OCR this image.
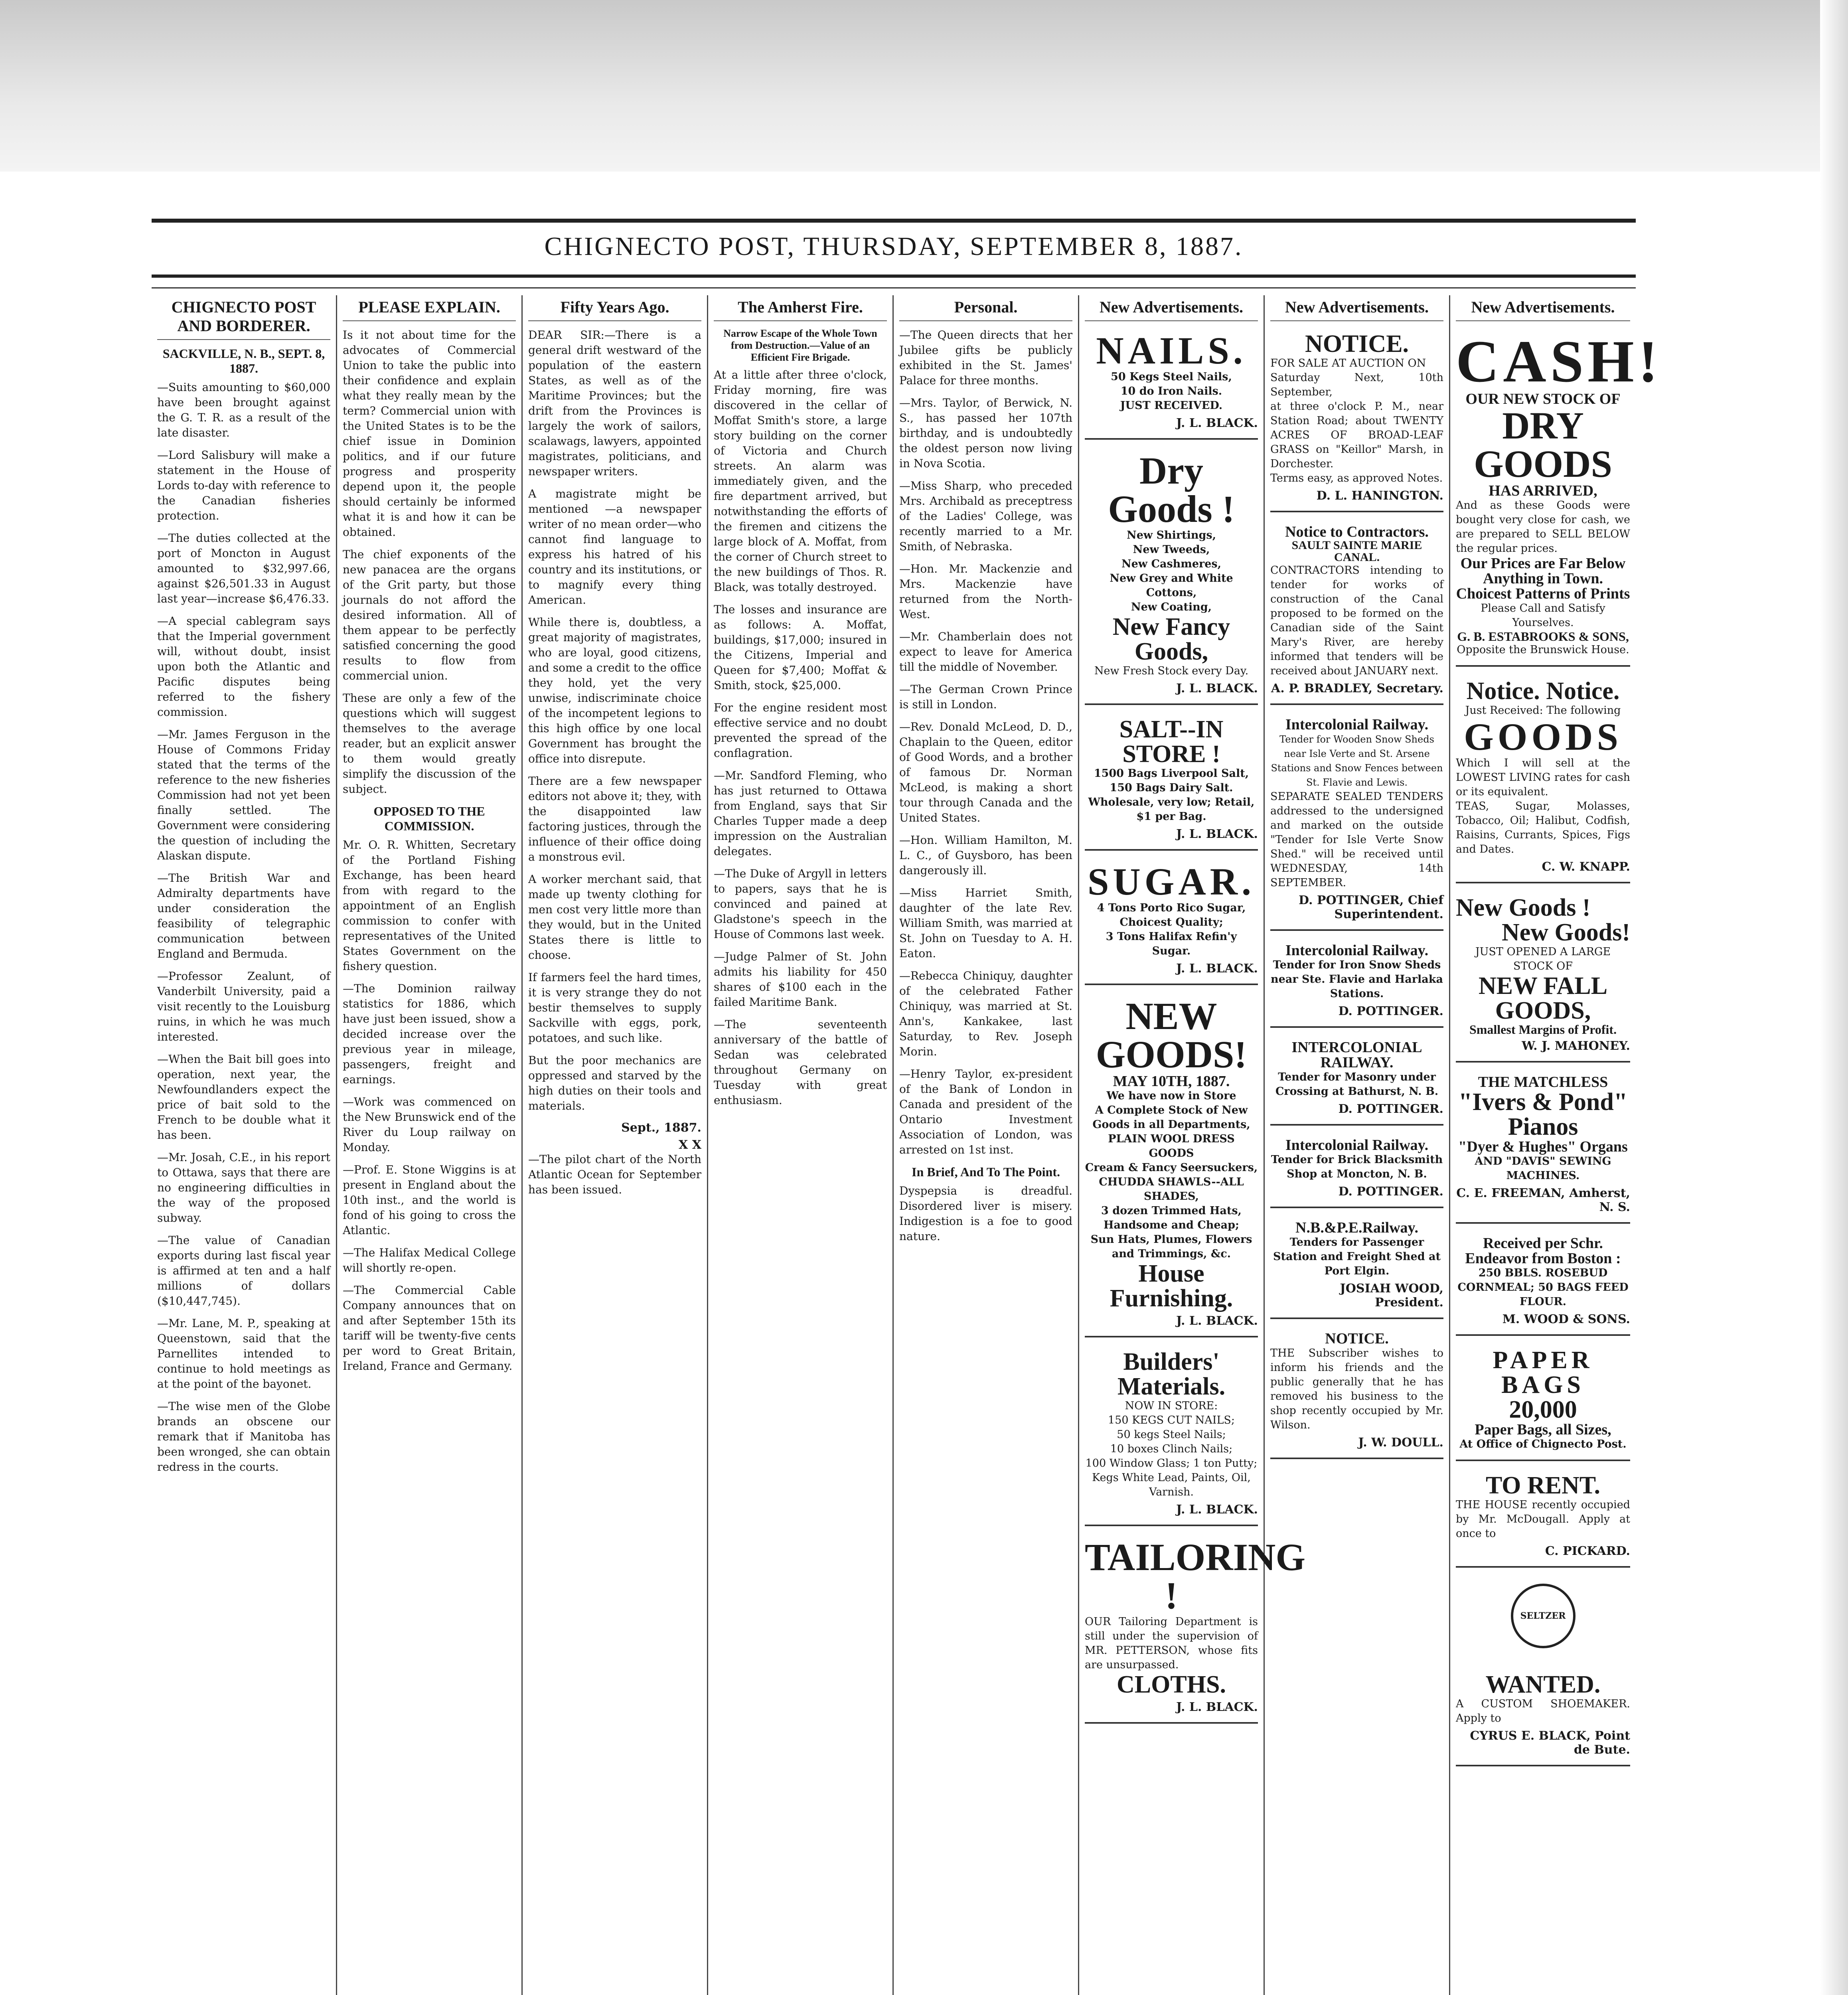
CHIGNECTO POST, THURSDAY, SEPTEMBER 8, 1887.
CHIGNECTO POST AND BORDERER.
SACKVILLE, N. B., SEPT. 8, 1887.

—Suits amounting to $60,000 have been brought against the G. T. R. as a result of the late disaster.

—Lord Salisbury will make a statement in the House of Lords to-day with reference to the Canadian fisheries protection.

—The duties collected at the port of Moncton in August amounted to $32,997.66, against $26,501.33 in August last year—increase $6,476.33.

—A special cablegram says that the Imperial government will, without doubt, insist upon both the Atlantic and Pacific disputes being referred to the fishery commission.

—Mr. James Ferguson in the House of Commons Friday stated that the terms of the reference to the new fisheries Commission had not yet been finally settled. The Government were considering the question of including the Alaskan dispute.

—The British War and Admiralty departments have under consideration the feasibility of telegraphic communication between England and Bermuda.

—Professor Zealunt, of Vanderbilt University, paid a visit recently to the Louisburg ruins, in which he was much interested.

—When the Bait bill goes into operation, next year, the Newfoundlanders expect the price of bait sold to the French to be double what it has been.

—Mr. Josah, C.E., in his report to Ottawa, says that there are no engineering difficulties in the way of the proposed subway.

—The value of Canadian exports during last fiscal year is affirmed at ten and a half millions of dollars ($10,447,745).

—Mr. Lane, M. P., speaking at Queenstown, said that the Parnellites intended to continue to hold meetings as at the point of the bayonet.

—The wise men of the Globe brands an obscene our remark that if Manitoba has been wronged, she can obtain redress in the courts.

PLEASE EXPLAIN.

Is it not about time for the advocates of Commercial Union to take the public into their confidence and explain what they really mean by the term? Commercial union with the United States is to be the chief issue in Dominion politics, and if our future progress and prosperity depend upon it, the people should certainly be informed what it is and how it can be obtained.

The chief exponents of the new panacea are the organs of the Grit party, but those journals do not afford the desired information. All of them appear to be perfectly satisfied concerning the good results to flow from commercial union.

These are only a few of the questions which will suggest themselves to the average reader, but an explicit answer to them would greatly simplify the discussion of the subject.

OPPOSED TO THE COMMISSION.

Mr. O. R. Whitten, Secretary of the Portland Fishing Exchange, has been heard from with regard to the appointment of an English commission to confer with representatives of the United States Government on the fishery question.

—The Dominion railway statistics for 1886, which have just been issued, show a decided increase over the previous year in mileage, passengers, freight and earnings.

—Work was commenced on the New Brunswick end of the River du Loup railway on Monday.

—Prof. E. Stone Wiggins is at present in England about the 10th inst., and the world is fond of his going to cross the Atlantic.

—The Halifax Medical College will shortly re-open.

—The Commercial Cable Company announces that on and after September 15th its tariff will be twenty-five cents per word to Great Britain, Ireland, France and Germany.

Fifty Years Ago.

DEAR SIR:—There is a general drift westward of the population of the eastern States, as well as of the Maritime Provinces; but the drift from the Provinces is largely the work of sailors, scalawags, lawyers, appointed magistrates, politicians, and newspaper writers.

A magistrate might be mentioned —a newspaper writer of no mean order—who cannot find language to express his hatred of his country and its institutions, or to magnify every thing American.

While there is, doubtless, a great majority of magistrates, who are loyal, good citizens, and some a credit to the office they hold, yet the very unwise, indiscriminate choice of the incompetent legions to this high office by one local Government has brought the office into disrepute.

There are a few newspaper editors not above it; they, with the disappointed law factoring justices, through the influence of their office doing a monstrous evil.

A worker merchant said, that made up twenty clothing for men cost very little more than they would, but in the United States there is little to choose.

If farmers feel the hard times, it is very strange they do not bestir themselves to supply Sackville with eggs, pork, potatoes, and such like.

But the poor mechanics are oppressed and starved by the high duties on their tools and materials.

Sept., 1887.
X X

—The pilot chart of the North Atlantic Ocean for September has been issued.

The Amherst Fire.
Narrow Escape of the Whole Town from Destruction.—Value of an Efficient Fire Brigade.

At a little after three o'clock, Friday morning, fire was discovered in the cellar of Moffat Smith's store, a large story building on the corner of Victoria and Church streets. An alarm was immediately given, and the fire department arrived, but notwithstanding the efforts of the firemen and citizens the large block of A. Moffat, from the corner of Church street to the new buildings of Thos. R. Black, was totally destroyed.

The losses and insurance are as follows: A. Moffat, buildings, $17,000; insured in the Citizens, Imperial and Queen for $7,400; Moffat & Smith, stock, $25,000.

For the engine resident most effective service and no doubt prevented the spread of the conflagration.

—Mr. Sandford Fleming, who has just returned to Ottawa from England, says that Sir Charles Tupper made a deep impression on the Australian delegates.

—The Duke of Argyll in letters to papers, says that he is convinced and pained at Gladstone's speech in the House of Commons last week.

—Judge Palmer of St. John admits his liability for 450 shares of $100 each in the failed Maritime Bank.

—The seventeenth anniversary of the battle of Sedan was celebrated throughout Germany on Tuesday with great enthusiasm.

Personal.

—The Queen directs that her Jubilee gifts be publicly exhibited in the St. James' Palace for three months.

—Mrs. Taylor, of Berwick, N. S., has passed her 107th birthday, and is undoubtedly the oldest person now living in Nova Scotia.

—Miss Sharp, who preceded Mrs. Archibald as preceptress of the Ladies' College, was recently married to a Mr. Smith, of Nebraska.

—Hon. Mr. Mackenzie and Mrs. Mackenzie have returned from the North-West.

—Mr. Chamberlain does not expect to leave for America till the middle of November.

—The German Crown Prince is still in London.

—Rev. Donald McLeod, D. D., Chaplain to the Queen, editor of Good Words, and a brother of famous Dr. Norman McLeod, is making a short tour through Canada and the United States.

—Hon. William Hamilton, M. L. C., of Guysboro, has been dangerously ill.

—Miss Harriet Smith, daughter of the late Rev. William Smith, was married at St. John on Tuesday to A. H. Eaton.

—Rebecca Chiniquy, daughter of the celebrated Father Chiniquy, was married at St. Ann's, Kankakee, last Saturday, to Rev. Joseph Morin.

—Henry Taylor, ex-president of the Bank of London in Canada and president of the Ontario Investment Association of London, was arrested on 1st inst.

In Brief, And To The Point.

Dyspepsia is dreadful. Disordered liver is misery. Indigestion is a foe to good nature.

New Advertisements.
NAILS.
50 Kegs Steel Nails,
10 do Iron Nails.
JUST RECEIVED.
J. L. BLACK.
Dry Goods !
New Shirtings,
New Tweeds,
New Cashmeres,
New Grey and White Cottons,
New Coating,
New Fancy Goods,
New Fresh Stock every Day.
J. L. BLACK.
SALT--IN STORE !
1500 Bags Liverpool Salt,
150 Bags Dairy Salt.
Wholesale, very low; Retail, $1 per Bag.
J. L. BLACK.
SUGAR.
4 Tons Porto Rico Sugar,
Choicest Quality;
3 Tons Halifax Refin'y Sugar.
J. L. BLACK.
NEW GOODS!
MAY 10TH, 1887.
We have now in Store
A Complete Stock of New Goods in all Departments,
PLAIN WOOL DRESS GOODS
Cream & Fancy Seersuckers,
CHUDDA SHAWLS--ALL SHADES,
3 dozen Trimmed Hats,
Handsome and Cheap;
Sun Hats, Plumes, Flowers and Trimmings, &c.
House Furnishing.
J. L. BLACK.
Builders' Materials.
NOW IN STORE:
150 KEGS CUT NAILS;
50 kegs Steel Nails;
10 boxes Clinch Nails;
100 Window Glass; 1 ton Putty;
Kegs White Lead, Paints, Oil, Varnish.
J. L. BLACK.
TAILORING !
OUR Tailoring Department is still under the supervision of MR. PETTERSON, whose fits are unsurpassed.
CLOTHS.
J. L. BLACK.
New Advertisements.
NOTICE.
FOR SALE AT AUCTION ON
Saturday Next, 10th September,
at three o'clock P. M., near Station Road; about TWENTY ACRES OF BROAD-LEAF GRASS on "Keillor" Marsh, in Dorchester.
Terms easy, as approved Notes.
D. L. HANINGTON.
Notice to Contractors.
SAULT SAINTE MARIE CANAL.
CONTRACTORS intending to tender for works of construction of the Canal proposed to be formed on the Canadian side of the Saint Mary's River, are hereby informed that tenders will be received about JANUARY next.
A. P. BRADLEY, Secretary.
Intercolonial Railway.
Tender for Wooden Snow Sheds near Isle Verte and St. Arsene Stations and Snow Fences between St. Flavie and Lewis.
SEPARATE SEALED TENDERS addressed to the undersigned and marked on the outside "Tender for Isle Verte Snow Shed." will be received until WEDNESDAY, 14th SEPTEMBER.
D. POTTINGER, Chief Superintendent.
Intercolonial Railway.
Tender for Iron Snow Sheds near Ste. Flavie and Harlaka Stations.
D. POTTINGER.
INTERCOLONIAL RAILWAY.
Tender for Masonry under Crossing at Bathurst, N. B.
D. POTTINGER.
Intercolonial Railway.
Tender for Brick Blacksmith Shop at Moncton, N. B.
D. POTTINGER.
N.B.&P.E.Railway.
Tenders for Passenger Station and Freight Shed at Port Elgin.
JOSIAH WOOD, President.
NOTICE.
THE Subscriber wishes to inform his friends and the public generally that he has removed his business to the shop recently occupied by Mr. Wilson.
J. W. DOULL.
New Advertisements.
CASH!
OUR NEW STOCK OF
DRY GOODS
HAS ARRIVED,
And as these Goods were bought very close for cash, we are prepared to SELL BELOW the regular prices.
Our Prices are Far Below Anything in Town.
Choicest Patterns of Prints
Please Call and Satisfy Yourselves.
G. B. ESTABROOKS & SONS,
Opposite the Brunswick House.
Notice. Notice.
Just Received: The following
GOODS
Which I will sell at the LOWEST LIVING rates for cash or its equivalent.
TEAS, Sugar, Molasses, Tobacco, Oil; Halibut, Codfish, Raisins, Currants, Spices, Figs and Dates.
C. W. KNAPP.
New Goods !
New Goods!
JUST OPENED A LARGE STOCK OF
NEW FALL GOODS,
Smallest Margins of Profit.
W. J. MAHONEY.
THE MATCHLESS
"Ivers & Pond" Pianos
"Dyer & Hughes" Organs
AND "DAVIS" SEWING MACHINES.
C. E. FREEMAN, Amherst, N. S.
Received per Schr. Endeavor from Boston :
250 BBLS. ROSEBUD CORNMEAL; 50 BAGS FEED FLOUR.
M. WOOD & SONS.
PAPER BAGS
20,000
Paper Bags, all Sizes,
At Office of Chignecto Post.
TO RENT.
THE HOUSE recently occupied by Mr. McDougall. Apply at once to
C. PICKARD.
SELTZER
WANTED.
A CUSTOM SHOEMAKER. Apply to
CYRUS E. BLACK, Point de Bute.
